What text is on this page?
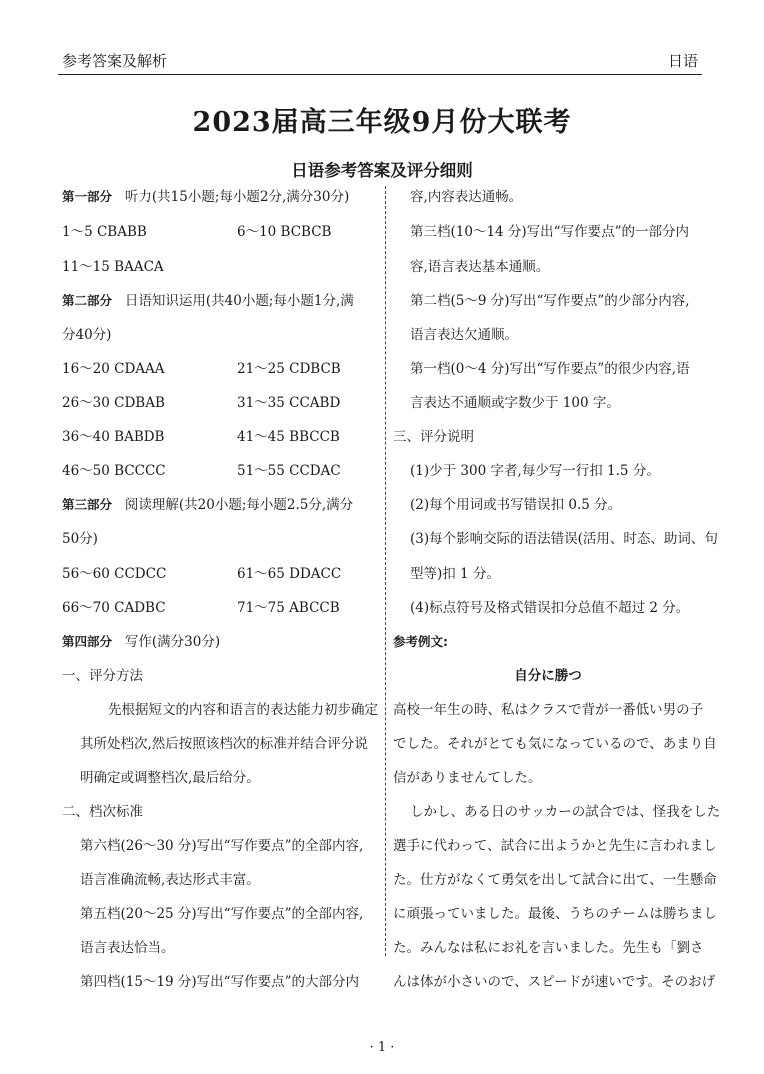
参考答案及解析	日语
2023届高三年级9月份大联考
日语参考答案及评分细则
第一部分 听力(共15小题;每小题2分,满分30分)
1～5 CBABB	6～10 BCBCB
11～15 BAACA
第二部分 日语知识运用(共40小题;每小题1分,满
分40分)
16～20 CDAAA	21～25 CDBCB
26～30 CDBAB	31～35 CCABD
36～40 BABDB	41～45 BBCCB
46～50 BCCCC	51～55 CCDAC
第三部分 阅读理解(共20小题;每小题2.5分,满分
50分)
56～60 CCDCC	61～65 DDACC
66～70 CADBC	71～75 ABCCB
第四部分 写作(满分30分)
一、评分方法
先根据短文的内容和语言的表达能力初步确定
其所处档次,然后按照该档次的标准并结合评分说
明确定或调整档次,最后给分。
二、档次标准
第六档(26～30 分)写出“写作要点”的全部内容,
语言准确流畅,表达形式丰富。
第五档(20～25 分)写出“写作要点”的全部内容,
语言表达恰当。
第四档(15～19 分)写出“写作要点”的大部分内
容,内容表达通畅。
第三档(10～14 分)写出“写作要点”的一部分内
容,语言表达基本通顺。
第二档(5～9 分)写出“写作要点”的少部分内容,
语言表达欠通顺。
第一档(0～4 分)写出“写作要点”的很少内容,语
言表达不通顺或字数少于 100 字。
三、评分说明
(1)少于 300 字者,每少写一行扣 1.5 分。
(2)每个用词或书写错误扣 0.5 分。
(3)每个影响交际的语法错误(活用、时态、助词、句
型等)扣 1 分。
(4)标点符号及格式错误扣分总值不超过 2 分。
参考例文:
自分に勝つ
高校一年生の時、私はクラスで背が一番低い男の子
でした。それがとても気になっているので、あまり自
信がありませんてした。
しかし、ある日のサッカーの試合では、怪我をした
選手に代わって、試合に出ようかと先生に言われまし
た。仕方がなくて勇気を出して試合に出て、一生懸命
に頑張っていました。最後、うちのチームは勝ちまし
た。みんなは私にお礼を言いました。先生も「劉さ
んは体が小さいので、スピードが速いです。そのおげ
· 1 ·
